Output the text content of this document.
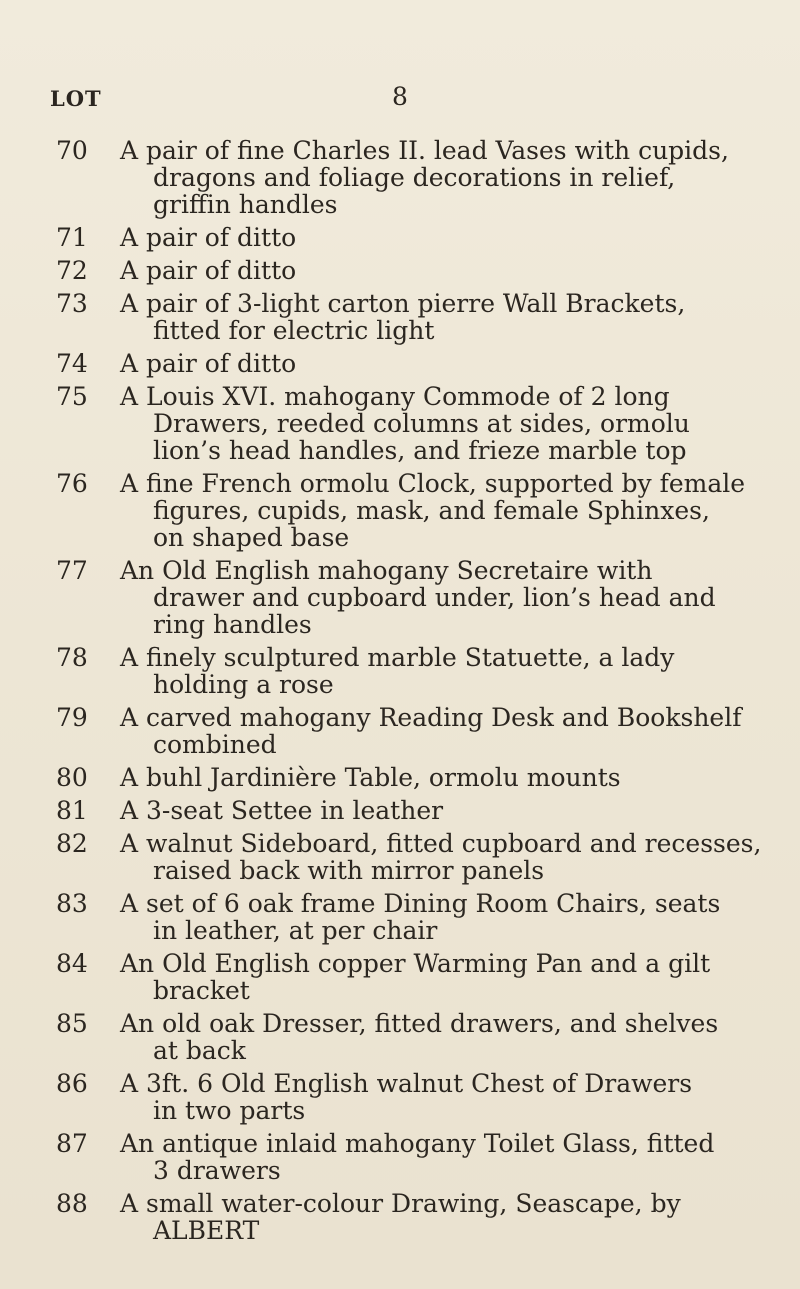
LOT	8
70 A pair of fine Charles II. lead Vases with cupids,
dragons and foliage decorations in relief,
griffin handles
71 A pair of ditto
72 A pair of ditto
73 A pair of 3-light carton pierre Wall Brackets,
fitted for electric light
74 A pair of ditto
75 A Louis XVI. mahogany Commode of 2 long
Drawers, reeded columns at sides, ormolu
lion’s head handles, and frieze marble top
76 A fine French ormolu Clock, supported by female
figures, cupids, mask, and female Sphinxes,
on shaped base
77 An Old English mahogany Secretaire with
drawer and cupboard under, lion’s head and
ring handles
78 A finely sculptured marble Statuette, a lady
holding a rose
79 A carved mahogany Reading Desk and Bookshelf
combined
80 A buhl Jardinière Table, ormolu mounts
81 A 3-seat Settee in leather
82 A walnut Sideboard, fitted cupboard and recesses,
raised back with mirror panels
83 A set of 6 oak frame Dining Room Chairs, seats
in leather, at per chair
84 An Old English copper Warming Pan and a gilt
bracket
85 An old oak Dresser, fitted drawers, and shelves
at back
86 A 3ft. 6 Old English walnut Chest of Drawers
in two parts
87 An antique inlaid mahogany Toilet Glass, fitted
3 drawers
88 A small water-colour Drawing, Seascape, by
ALBERT
